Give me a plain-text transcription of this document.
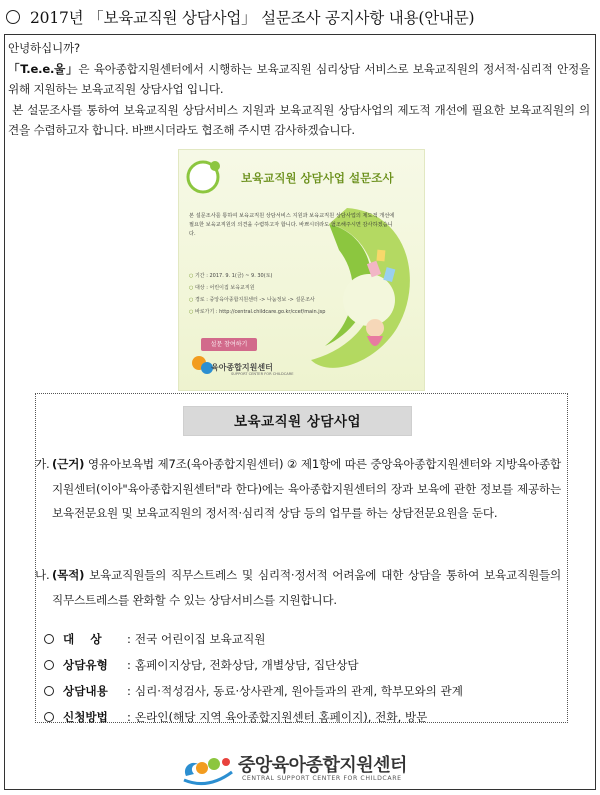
2017년 「보육교직원 상담사업」 설문조사 공지사항 내용(안내문)

안녕하십니까?

「T.e.e.울」은 육아종합지원센터에서 시행하는 보육교직원 심리상담 서비스로 보육교직원의 정서적·심리적 안정을 위해 지원하는 보육교직원 상담사업 입니다.

본 설문조사를 통하여 보육교직원 상담서비스 지원과 보육교직원 상담사업의 제도적 개선에 필요한 보육교직원의 의견을 수렴하고자 합니다. 바쁘시더라도 협조해 주시면 감사하겠습니다.

보육교직원 상담사업 설문조사
본 설문조사를 통하여 보육교직원 상담서비스 지원과 보육교직원 상담사업의 제도적 개선에 필요한 보육교직원의 의견을 수렴하고자 합니다. 바쁘시더라도 협조해주시면 감사하겠습니다.
○ 기간 : 2017. 9. 1(금) ~ 9. 30(토)
○ 대상 : 어린이집 보육교직원
○ 경로 : 중앙육아종합지원센터 -> 나눔정보 -> 설문조사
○ 바로가기 : http://central.childcare.go.kr/ccef/main.jsp
설문 참여하기
육아종합지원센터
SUPPORT CENTER FOR CHILDCARE
보육교직원 상담사업
가. (근거) 영유아보육법 제7조(육아종합지원센터) ② 제1항에 따른 중앙육아종합지원센터와 지방육아종합지원센터(이아"육아종합지원센터"라 한다)에는 육아종합지원센터의 장과 보육에 관한 정보를 제공하는 보육전문요원 및 보육교직원의 정서적·심리적 상담 등의 업무를 하는 상담전문요원을 둔다.
나. (목적) 보육교직원들의 직무스트레스 및 심리적·정서적 어려움에 대한 상담을 통하여 보육교직원들의 직무스트레스를 완화할 수 있는 상담서비스를 지원합니다.
대    상	: 전국 어린이집 보육교직원
상담유형	: 홈페이지상담, 전화상담, 개별상담, 집단상담
상담내용	: 심리·적성검사, 동료·상사관계, 원아들과의 관계, 학부모와의 관계
신청방법	: 온라인(해당 지역 육아종합지원센터 홈페이지), 전화, 방문
중앙육아종합지원센터
CENTRAL SUPPORT CENTER FOR CHILDCARE
